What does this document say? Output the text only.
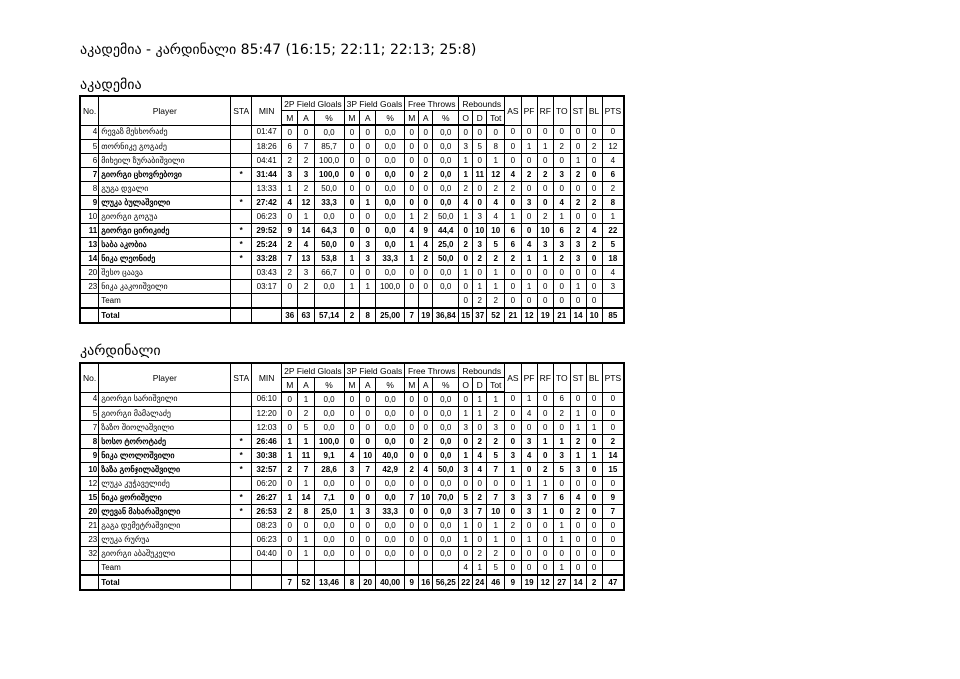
აკადემია - კარდინალი 85:47 (16:15; 22:11; 22:13; 25:8)
აკადემია
No.	Player	STA	MIN	2P Field Gloals			3P Field Goals			Free Throws			Rebounds			AS	PF	RF	TO	ST	BL	PTS
				M	A	%	M	A	%	M	A	%	O	D	Tot							
4	რევაზ მესხორაძე		01:47	0	0	0,0	0	0	0,0	0	0	0,0	0	0	0	0	0	0	0	0	0	0
5	თორნიკე გოგაძე		18:26	6	7	85,7	0	0	0,0	0	0	0,0	3	5	8	0	1	1	2	0	2	12
6	მიხეილ ზურაბიშვილი		04:41	2	2	100,0	0	0	0,0	0	0	0,0	1	0	1	0	0	0	0	1	0	4
7	გიორგი ცხოვრებოვი	*	31:44	3	3	100,0	0	0	0,0	0	2	0,0	1	11	12	4	2	2	3	2	0	6
8	გუგა დვალი		13:33	1	2	50,0	0	0	0,0	0	0	0,0	2	0	2	2	0	0	0	0	0	2
9	ლუკა ბულაშვილი	*	27:42	4	12	33,3	0	1	0,0	0	0	0,0	4	0	4	0	3	0	4	2	2	8
10	გიორგი გოგუა		06:23	0	1	0,0	0	0	0,0	1	2	50,0	1	3	4	1	0	2	1	0	0	1
11	გიორგი ცირიკიძე	*	29:52	9	14	64,3	0	0	0,0	4	9	44,4	0	10	10	6	0	10	6	2	4	22
13	საბა აკობია	*	25:24	2	4	50,0	0	3	0,0	1	4	25,0	2	3	5	6	4	3	3	3	2	5
14	ნიკა ლეონიძე	*	33:28	7	13	53,8	1	3	33,3	1	2	50,0	0	2	2	2	1	1	2	3	0	18
20	შესო ცაავა		03:43	2	3	66,7	0	0	0,0	0	0	0,0	1	0	1	0	0	0	0	0	0	4
23	ნიკა კაკოიშვილი		03:17	0	2	0,0	1	1	100,0	0	0	0,0	0	1	1	0	1	0	0	1	0	3
	Team												0	2	2	0	0	0	0	0	0	
	Total			36	63	57,14	2	8	25,00	7	19	36,84	15	37	52	21	12	19	21	14	10	85
კარდინალი
No.	Player	STA	MIN	2P Field Gloals			3P Field Goals			Free Throws			Rebounds			AS	PF	RF	TO	ST	BL	PTS
				M	A	%	M	A	%	M	A	%	O	D	Tot							
4	გიორგი სარიშვილი		06:10	0	1	0,0	0	0	0,0	0	0	0,0	0	1	1	0	1	0	6	0	0	0
5	გიორგი მამალაძე		12:20	0	2	0,0	0	0	0,0	0	0	0,0	1	1	2	0	4	0	2	1	0	0
7	ზაზო შიოლაშვილი		12:03	0	5	0,0	0	0	0,0	0	0	0,0	3	0	3	0	0	0	0	1	1	0
8	სოსო ტოროტაძე	*	26:46	1	1	100,0	0	0	0,0	0	2	0,0	0	2	2	0	3	1	1	2	0	2
9	ნიკა ლოლოშვილი	*	30:38	1	11	9,1	4	10	40,0	0	0	0,0	1	4	5	3	4	0	3	1	1	14
10	ზაზა გონჯილაშვილი	*	32:57	2	7	28,6	3	7	42,9	2	4	50,0	3	4	7	1	0	2	5	3	0	15
12	ლუკა კუჭაველიძე		06:20	0	1	0,0	0	0	0,0	0	0	0,0	0	0	0	0	1	1	0	0	0	0
15	ნიკა ყორიშელი	*	26:27	1	14	7,1	0	0	0,0	7	10	70,0	5	2	7	3	3	7	6	4	0	9
20	ლევან მახარაშვილი	*	26:53	2	8	25,0	1	3	33,3	0	0	0,0	3	7	10	0	3	1	0	2	0	7
21	გაგა დემეტრაშვილი		08:23	0	0	0,0	0	0	0,0	0	0	0,0	1	0	1	2	0	0	1	0	0	0
23	ლუკა რურუა		06:23	0	1	0,0	0	0	0,0	0	0	0,0	1	0	1	0	1	0	1	0	0	0
32	გიორგი აბაშუკელი		04:40	0	1	0,0	0	0	0,0	0	0	0,0	0	2	2	0	0	0	0	0	0	0
	Team												4	1	5	0	0	0	1	0	0	
	Total			7	52	13,46	8	20	40,00	9	16	56,25	22	24	46	9	19	12	27	14	2	47
